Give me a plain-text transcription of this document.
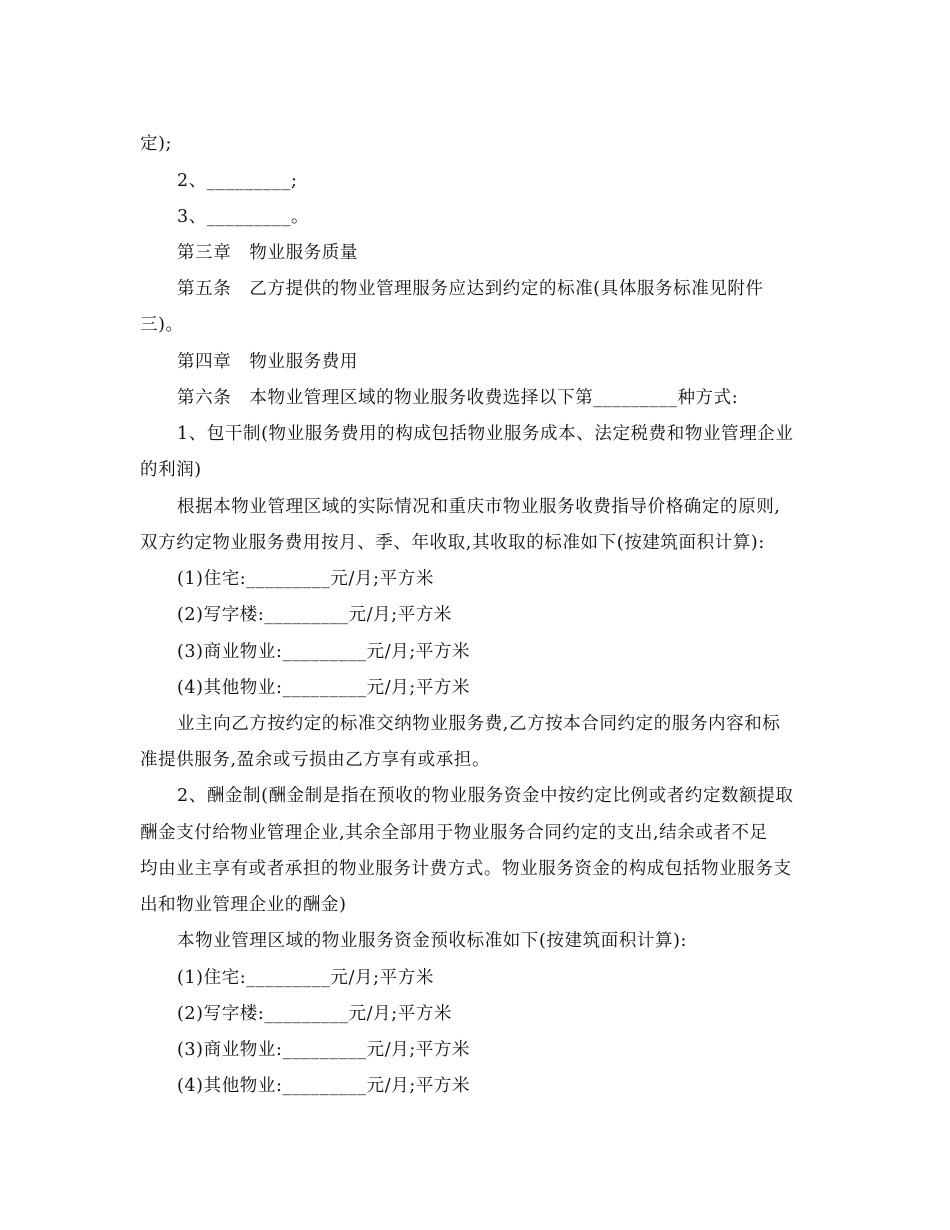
定);
2、_________;
3、_________。
第三章　物业服务质量
第五条　乙方提供的物业管理服务应达到约定的标准(具体服务标准见附件
三)。
第四章　物业服务费用
第六条　本物业管理区域的物业服务收费选择以下第_________种方式:
1、包干制(物业服务费用的构成包括物业服务成本、法定税费和物业管理企业
的利润)
根据本物业管理区域的实际情况和重庆市物业服务收费指导价格确定的原则,
双方约定物业服务费用按月、季、年收取,其收取的标准如下(按建筑面积计算):
(1)住宅:_________元/月;平方米
(2)写字楼:_________元/月;平方米
(3)商业物业:_________元/月;平方米
(4)其他物业:_________元/月;平方米
业主向乙方按约定的标准交纳物业服务费,乙方按本合同约定的服务内容和标
准提供服务,盈余或亏损由乙方享有或承担。
2、酬金制(酬金制是指在预收的物业服务资金中按约定比例或者约定数额提取
酬金支付给物业管理企业,其余全部用于物业服务合同约定的支出,结余或者不足
均由业主享有或者承担的物业服务计费方式。物业服务资金的构成包括物业服务支
出和物业管理企业的酬金)
本物业管理区域的物业服务资金预收标准如下(按建筑面积计算):
(1)住宅:_________元/月;平方米
(2)写字楼:_________元/月;平方米
(3)商业物业:_________元/月;平方米
(4)其他物业:_________元/月;平方米
